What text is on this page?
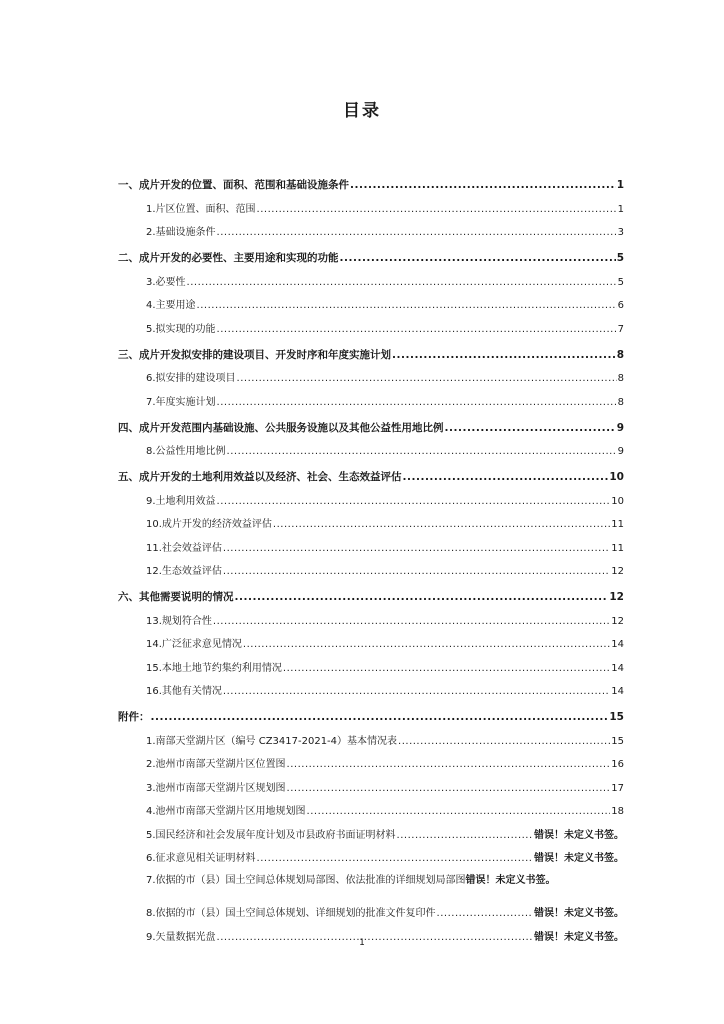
目录
一、成片开发的位置、面积、范围和基础设施条件 .....	1
1.片区位置、面积、范围 .....	1
2.基础设施条件 .....	3
二、成片开发的必要性、主要用途和实现的功能 .....	5
3.必要性 .....	5
4.主要用途 .....	6
5.拟实现的功能 .....	7
三、成片开发拟安排的建设项目、开发时序和年度实施计划 .....	8
6.拟安排的建设项目 .....	8
7.年度实施计划 .....	8
四、成片开发范围内基础设施、公共服务设施以及其他公益性用地比例 .....	9
8.公益性用地比例 .....	9
五、成片开发的土地利用效益以及经济、社会、生态效益评估 .....	10
9.土地利用效益 .....	10
10.成片开发的经济效益评估 .....	11
11.社会效益评估 .....	11
12.生态效益评估 .....	12
六、其他需要说明的情况 .....	12
13.规划符合性 .....	12
14.广泛征求意见情况 .....	14
15.本地土地节约集约利用情况 .....	14
16.其他有关情况 .....	14
附件： .....	15
1.南部天堂湖片区（编号 CZ3417-2021-4）基本情况表 .....	15
2.池州市南部天堂湖片区位置图 .....	16
3.池州市南部天堂湖片区规划图 .....	17
4.池州市南部天堂湖片区用地规划图 .....	18
5.国民经济和社会发展年度计划及市县政府书面证明材料 .....	错误！未定义书签。
6.征求意见相关证明材料 .....	错误！未定义书签。
7.依据的市（县）国土空间总体规划局部图、依法批准的详细规划局部图错误！未定义书签。
8.依据的市（县）国土空间总体规划、详细规划的批准文件复印件 .....	错误！未定义书签。
9.矢量数据光盘 .....	错误！未定义书签。
1
